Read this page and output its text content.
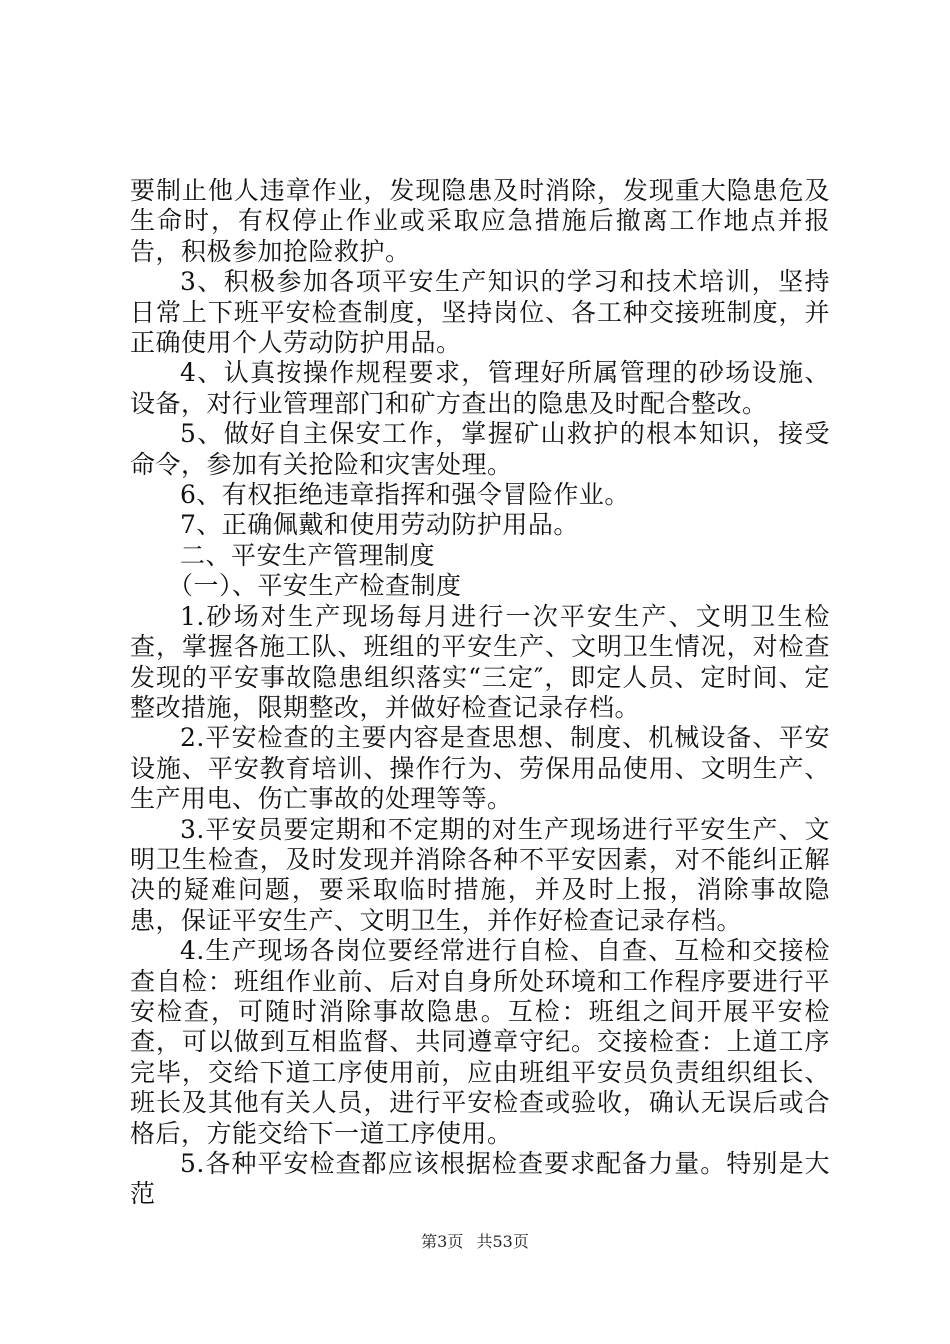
要制止他人违章作业，发现隐患及时消除，发现重大隐患危及生命时，有权停止作业或采取应急措施后撤离工作地点并报告，积极参加抢险救护。

3、积极参加各项平安生产知识的学习和技术培训，坚持日常上下班平安检查制度，坚持岗位、各工种交接班制度，并正确使用个人劳动防护用品。

4、认真按操作规程要求，管理好所属管理的砂场设施、设备，对行业管理部门和矿方查出的隐患及时配合整改。

5、做好自主保安工作，掌握矿山救护的根本知识，接受命令，参加有关抢险和灾害处理。

6、有权拒绝违章指挥和强令冒险作业。

7、正确佩戴和使用劳动防护用品。

二、平安生产管理制度

（一）、平安生产检查制度

1.砂场对生产现场每月进行一次平安生产、文明卫生检查，掌握各施工队、班组的平安生产、文明卫生情况，对检查发现的平安事故隐患组织落实“三定″，即定人员、定时间、定整改措施，限期整改，并做好检查记录存档。

2.平安检查的主要内容是查思想、制度、机械设备、平安设施、平安教育培训、操作行为、劳保用品使用、文明生产、生产用电、伤亡事故的处理等等。

3.平安员要定期和不定期的对生产现场进行平安生产、文明卫生检查，及时发现并消除各种不平安因素，对不能纠正解决的疑难问题，要采取临时措施，并及时上报，消除事故隐患，保证平安生产、文明卫生，并作好检查记录存档。

4.生产现场各岗位要经常进行自检、自查、互检和交接检查自检：班组作业前、后对自身所处环境和工作程序要进行平安检查，可随时消除事故隐患。互检：班组之间开展平安检查，可以做到互相监督、共同遵章守纪。交接检查：上道工序完毕，交给下道工序使用前，应由班组平安员负责组织组长、班长及其他有关人员，进行平安检查或验收，确认无误后或合格后，方能交给下一道工序使用。

5.各种平安检查都应该根据检查要求配备力量。特别是大范

第3页 共53页
